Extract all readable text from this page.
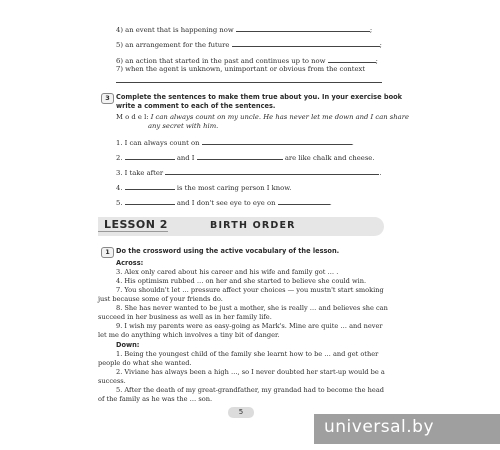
4) an event that is happening now	;
5) an arrangement for the future	;
6) an action that started in the past and continues up to now	;
7) when the agent is unknown, unimportant or obvious from the context
3 Complete the sentences to make them true about you. In your exercise book
write a comment to each of the sentences.
M o d e l: I can always count on my uncle. He has never let me down and I can share
any secret with him.
1. I can always count on	.
2.	and I	are like chalk and cheese.
3. I take after	.
4.	is the most caring person I know.
5.	and I don't see eye to eye on	.
LESSON 2	BIRTH ORDER
1 Do the crossword using the active vocabulary of the lesson.
Across:
3. Alex only cared about his career and his wife and family got … .
4. His optimism rubbed … on her and she started to believe she could win.
7. You shouldn't let … pressure affect your choices — you mustn't start smoking just because some of your friends do.
8. She has never wanted to be just a mother, she is really … and believes she can succeed in her business as well as in her family life.
9. I wish my parents were as easy-going as Mark's. Mine are quite … and never let me do anything which involves a tiny bit of danger.
Down:
1. Being the youngest child of the family she learnt how to be … and get other people do what she wanted.
2. Viviane has always been a high …, so I never doubted her start-up would be a success.
5. After the death of my great-grandfather, my grandad had to become the head of the family as he was the … son.
5
universal.by
